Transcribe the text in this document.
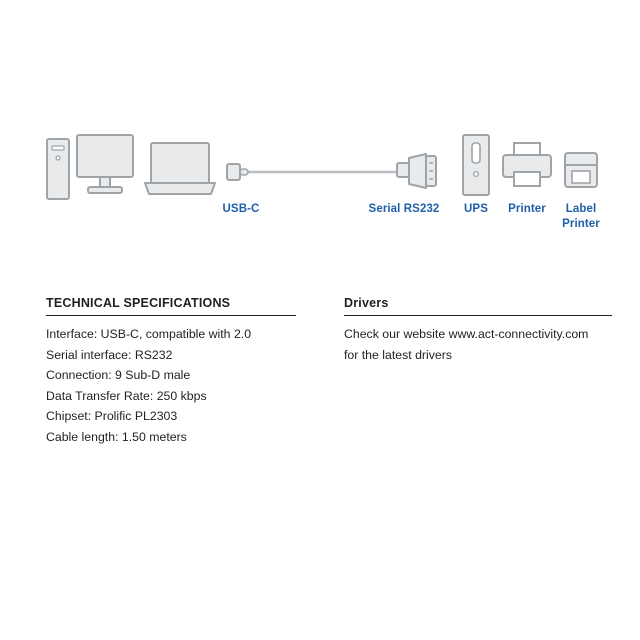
USB-C	Serial RS232	UPS	Printer	Label
Printer
TECHNICAL SPECIFICATIONS
Interface: USB-C, compatible with 2.0
Serial interface: RS232
Connection: 9 Sub-D male
Data Transfer Rate: 250 kbps
Chipset: Prolific PL2303
Cable length: 1.50 meters
Drivers
Check our website www.act-connectivity.com
for the latest drivers
